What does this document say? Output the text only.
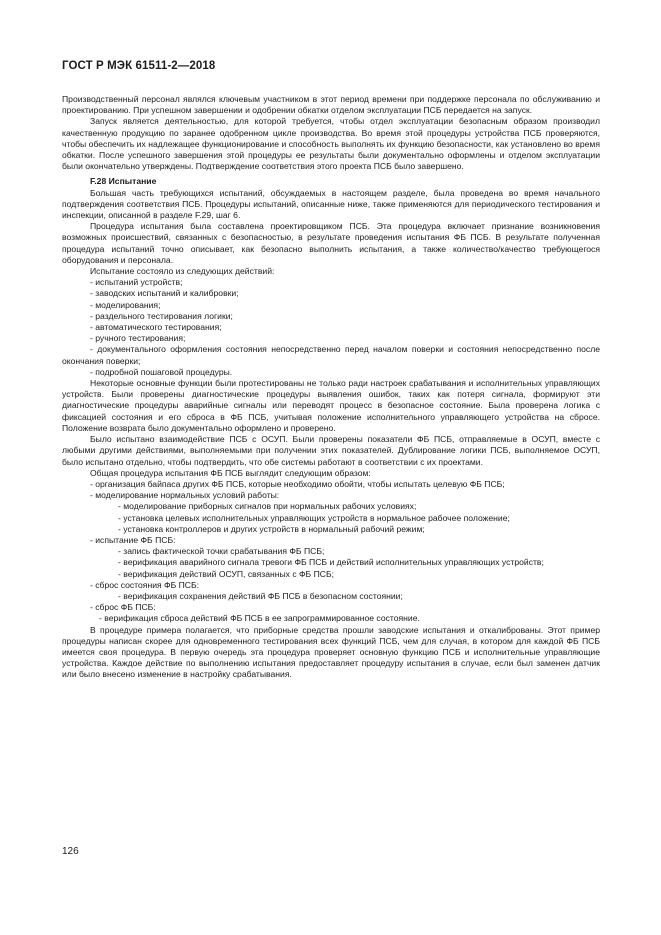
ГОСТ Р МЭК 61511-2—2018

Производственный персонал являлся ключевым участником в этот период времени при поддержке персонала по обслуживанию и проектированию. При успешном завершении и одобрении обкатки отделом эксплуатации ПСБ передается на запуск.

Запуск является деятельностью, для которой требуется, чтобы отдел эксплуатации безопасным образом производил качественную продукцию по заранее одобренном цикле производства. Во время этой процедуры устройства ПСБ проверяются, чтобы обеспечить их надлежащее функционирование и способность выполнять их функцию безопасности, как установлено во время обкатки. После успешного завершения этой процедуры ее результаты были документально оформлены и отделом эксплуатации были окончательно утверждены. Подтверждение соответствия этого проекта ПСБ было завершено.

F.28 Испытание

Большая часть требующихся испытаний, обсуждаемых в настоящем разделе, была проведена во время начального подтверждения соответствия ПСБ. Процедуры испытаний, описанные ниже, также применяются для периодического тестирования и инспекции, описанной в разделе F.29, шаг 6.

Процедура испытания была составлена проектировщиком ПСБ. Эта процедура включает признание возникновения возможных происшествий, связанных с безопасностью, в результате проведения испытания ФБ ПСБ. В результате полученная процедура испытаний точно описывает, как безопасно выполнить испытания, а также количество/качество требующегося оборудования и персонала.

Испытание состояло из следующих действий:

- испытаний устройств;

- заводских испытаний и калибровки;

- моделирования;

- раздельного тестирования логики;

- автоматического тестирования;

- ручного тестирования;

- документального оформления состояния непосредственно перед началом поверки и состояния непосредственно после окончания поверки;

- подробной пошаговой процедуры.

Некоторые основные функции были протестированы не только ради настроек срабатывания и исполнительных управляющих устройств. Были проверены диагностические процедуры выявления ошибок, таких как потеря сигнала, формируют эти диагностические процедуры аварийные сигналы или переводят процесс в безопасное состояние. Была проверена логика с фиксацией состояния и его сброса в ФБ ПСБ, учитывая положение исполнительного управляющего устройства на сбросе. Положение возврата было документально оформлено и проверено.

Было испытано взаимодействие ПСБ с ОСУП. Были проверены показатели ФБ ПСБ, отправляемые в ОСУП, вместе с любыми другими действиями, выполняемыми при получении этих показателей. Дублирование логики ПСБ, выполняемое ОСУП, было испытано отдельно, чтобы подтвердить, что обе системы работают в соответствии с их проектами.

Общая процедура испытания ФБ ПСБ выглядит следующим образом:

- организация байпаса других ФБ ПСБ, которые необходимо обойти, чтобы испытать целевую ФБ ПСБ;

- моделирование нормальных условий работы:

- моделирование приборных сигналов при нормальных рабочих условиях;

- установка целевых исполнительных управляющих устройств в нормальное рабочее положение;

- установка контроллеров и других устройств в нормальный рабочий режим;

- испытание ФБ ПСБ:

- запись фактической точки срабатывания ФБ ПСБ;

- верификация аварийного сигнала тревоги ФБ ПСБ и действий исполнительных управляющих устройств;

- верификация действий ОСУП, связанных с ФБ ПСБ;

- сброс состояния ФБ ПСБ:

- верификация сохранения действий ФБ ПСБ в безопасном состоянии;

- сброс ФБ ПСБ:

- верификация сброса действий ФБ ПСБ в ее запрограммированное состояние.

В процедуре примера полагается, что приборные средства прошли заводские испытания и откалиброваны. Этот пример процедуры написан скорее для одновременного тестирования всех функций ПСБ, чем для случая, в котором для каждой ФБ ПСБ имеется своя процедура. В первую очередь эта процедура проверяет основную функцию ПСБ и исполнительные управляющие устройства. Каждое действие по выполнению испытания предоставляет процедуру испытания в случае, если был заменен датчик или было внесено изменение в настройку срабатывания.

126
